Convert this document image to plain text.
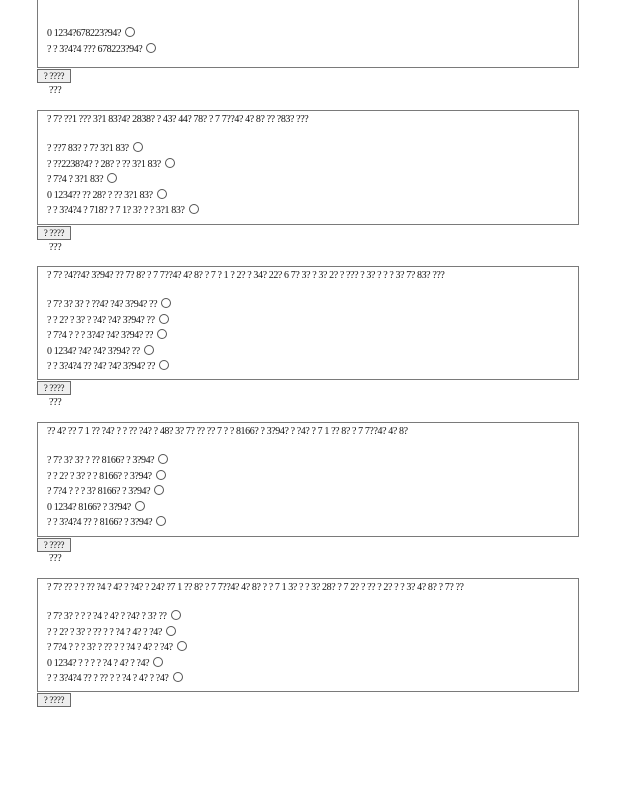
0 1234?678223?94?
? ? 3?4?4 ??? 678223?94?
? ????
???
? 7? ??1 ??? 3?1 83?4? 2838? ? 43? 44? 78? ? 7 7??4? 4? 8? ?? ?83? ???
? ??7 83? ? 7? 3?1 83?
? ??2238?4? ? 28? ? ?? 3?1 83?
? 7?4 ? 3?1 83?
0 1234?? ?? 28? ? ?? 3?1 83?
? ? 3?4?4 ? 718? ? 7 1? 3? ? ? 3?1 83?
? ????
???
? 7? ?4??4? 3?94? ?? 7? 8? ? 7 7??4? 4? 8? ? 7 ? 1 ? 2? ? 34? 22? 6 7? 3? ? 3? 2? ? ??? ? 3? ? ? ? 3? 7? 83? ???
? 7? 3? 3? ? ??4? ?4? 3?94? ??
? ? 2? ? 3? ? ?4? ?4? 3?94? ??
? 7?4 ? ? ? 3?4? ?4? 3?94? ??
0 1234? ?4? ?4? 3?94? ??
? ? 3?4?4 ?? ?4? ?4? 3?94? ??
? ????
???
?? 4? ?? 7 1 ?? ?4? ? ? ?? ?4? ? 48? 3? 7? ?? ?? 7 ? ? 8166? ? 3?94? ? ?4? ? 7 1 ?? 8? ? 7 7??4? 4? 8?
? 7? 3? 3? ? ?? 8166? ? 3?94?
? ? 2? ? 3? ? ? 8166? ? 3?94?
? 7?4 ? ? ? 3? 8166? ? 3?94?
0 1234? 8166? ? 3?94?
? ? 3?4?4 ?? ? 8166? ? 3?94?
? ????
???
? 7? ?? ? ? ?? ?4 ? 4? ? ?4? ? 24? ?7 1 ?? 8? ? 7 7??4? 4? 8? ? ? 7 1 3? ? ? 3? 28? ? 7 2? ? ?? ? 2? ? ? 3? 4? 8? ? 7? ??
? 7? 3? ? ? ? ?4 ? 4? ? ?4? ? 3? ??
? ? 2? ? 3? ? ?? ? ? ?4 ? 4? ? ?4?
? 7?4 ? ? ? 3? ? ?? ? ? ?4 ? 4? ? ?4?
0 1234? ? ? ? ? ?4 ? 4? ? ?4?
? ? 3?4?4 ?? ? ?? ? ? ?4 ? 4? ? ?4?
? ????
